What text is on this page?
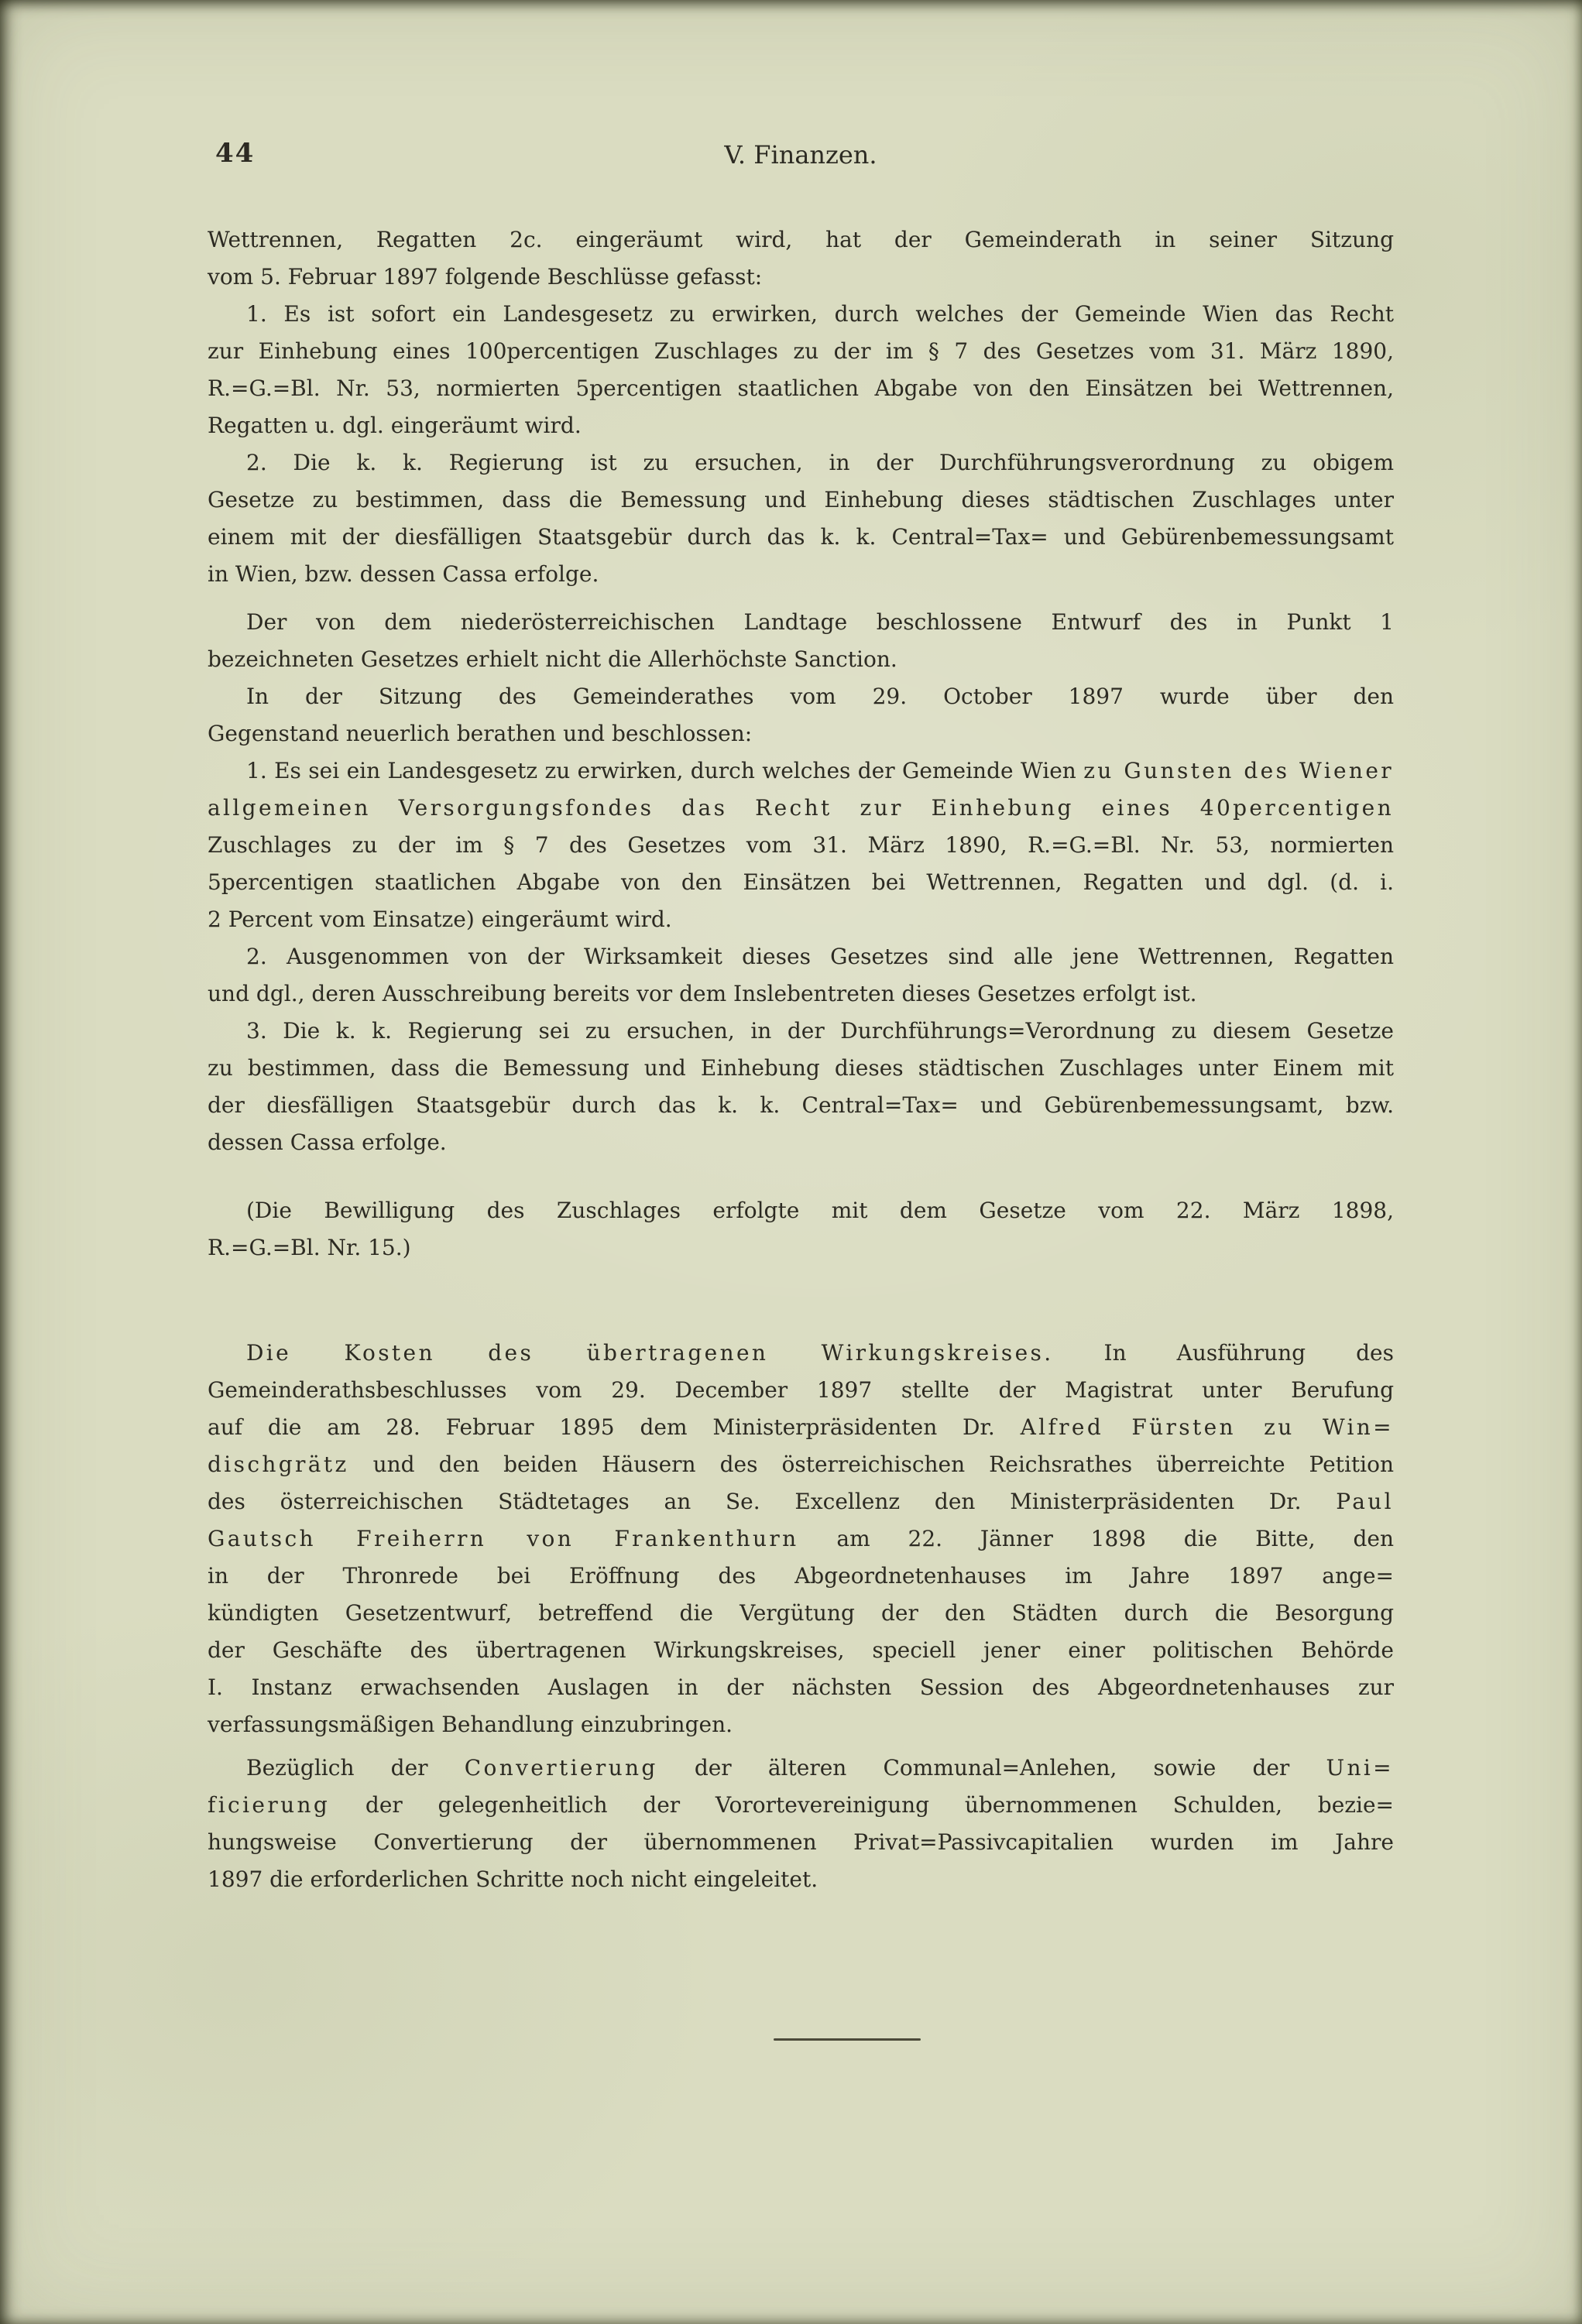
44	V. Finanzen.
Wettrennen, Regatten 2c. eingeräumt wird, hat der Gemeinderath in seiner Sitzung
vom 5. Februar 1897 folgende Beschlüsse gefasst:
1. Es ist sofort ein Landesgesetz zu erwirken, durch welches der Gemeinde Wien das Recht
zur Einhebung eines 100percentigen Zuschlages zu der im § 7 des Gesetzes vom 31. März 1890,
R.=G.=Bl. Nr. 53, normierten 5percentigen staatlichen Abgabe von den Einsätzen bei Wettrennen,
Regatten u. dgl. eingeräumt wird.
2. Die k. k. Regierung ist zu ersuchen, in der Durchführungsverordnung zu obigem
Gesetze zu bestimmen, dass die Bemessung und Einhebung dieses städtischen Zuschlages unter
einem mit der diesfälligen Staatsgebür durch das k. k. Central=Tax= und Gebürenbemessungsamt
in Wien, bzw. dessen Cassa erfolge.
Der von dem niederösterreichischen Landtage beschlossene Entwurf des in Punkt 1
bezeichneten Gesetzes erhielt nicht die Allerhöchste Sanction.
In der Sitzung des Gemeinderathes vom 29. October 1897 wurde über den
Gegenstand neuerlich berathen und beschlossen:
1. Es sei ein Landesgesetz zu erwirken, durch welches der Gemeinde Wien zu Gunsten des Wiener
allgemeinen Versorgungsfondes das Recht zur Einhebung eines 40percentigen
Zuschlages zu der im § 7 des Gesetzes vom 31. März 1890, R.=G.=Bl. Nr. 53, normierten
5percentigen staatlichen Abgabe von den Einsätzen bei Wettrennen, Regatten und dgl. (d. i.
2 Percent vom Einsatze) eingeräumt wird.
2. Ausgenommen von der Wirksamkeit dieses Gesetzes sind alle jene Wettrennen, Regatten
und dgl., deren Ausschreibung bereits vor dem Inslebentreten dieses Gesetzes erfolgt ist.
3. Die k. k. Regierung sei zu ersuchen, in der Durchführungs=Verordnung zu diesem Gesetze
zu bestimmen, dass die Bemessung und Einhebung dieses städtischen Zuschlages unter Einem mit
der diesfälligen Staatsgebür durch das k. k. Central=Tax= und Gebürenbemessungsamt, bzw.
dessen Cassa erfolge.
(Die Bewilligung des Zuschlages erfolgte mit dem Gesetze vom 22. März 1898,
R.=G.=Bl. Nr. 15.)
Die Kosten des übertragenen Wirkungskreises. In Ausführung des
Gemeinderathsbeschlusses vom 29. December 1897 stellte der Magistrat unter Berufung
auf die am 28. Februar 1895 dem Ministerpräsidenten Dr. Alfred Fürsten zu Win=
dischgrätz und den beiden Häusern des österreichischen Reichsrathes überreichte Petition
des österreichischen Städtetages an Se. Excellenz den Ministerpräsidenten Dr. Paul
Gautsch Freiherrn von Frankenthurn am 22. Jänner 1898 die Bitte, den
in der Thronrede bei Eröffnung des Abgeordnetenhauses im Jahre 1897 ange=
kündigten Gesetzentwurf, betreffend die Vergütung der den Städten durch die Besorgung
der Geschäfte des übertragenen Wirkungskreises, speciell jener einer politischen Behörde
I. Instanz erwachsenden Auslagen in der nächsten Session des Abgeordnetenhauses zur
verfassungsmäßigen Behandlung einzubringen.
Bezüglich der Convertierung der älteren Communal=Anlehen, sowie der Uni=
ficierung der gelegenheitlich der Vorortevereinigung übernommenen Schulden, bezie=
hungsweise Convertierung der übernommenen Privat=Passivcapitalien wurden im Jahre
1897 die erforderlichen Schritte noch nicht eingeleitet.
